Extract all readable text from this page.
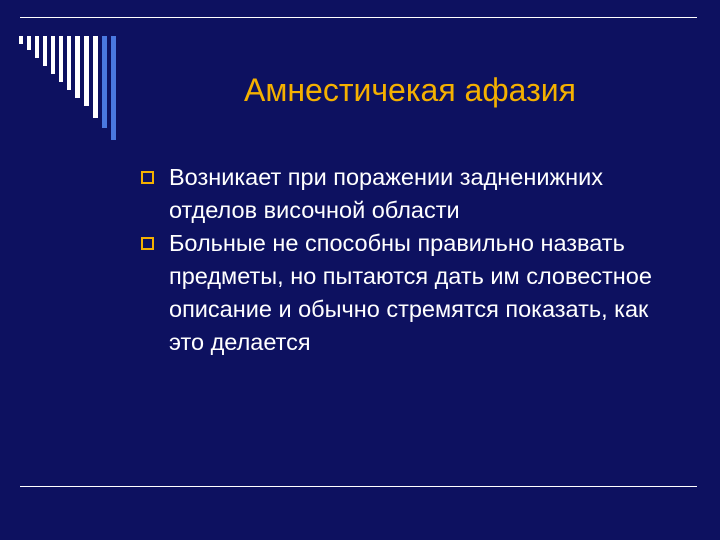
Амнестичекая афазия
Возникает при поражении задненижних отделов височной области
Больные не способны правильно назвать предметы, но пытаются дать им словестное описание и обычно стремятся показать, как это делается
